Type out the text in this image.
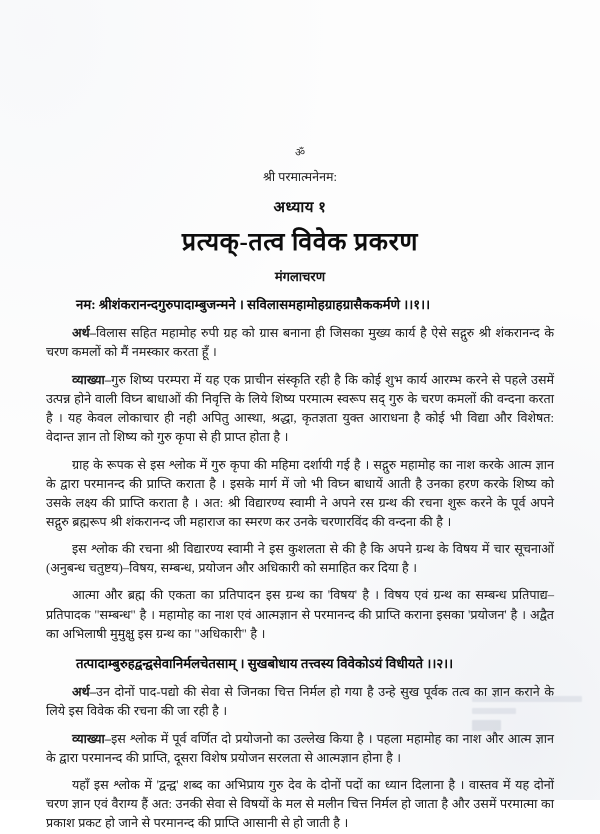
ॐ
श्री परमात्मनेनम:
अध्याय १
प्रत्यक्-तत्व विवेक प्रकरण
मंगलाचरण
नम: श्रीशंकरानन्दगुरुपादाम्बुजन्मने । सविलासमहामोहग्राहग्रासैककर्मणे ।।१।।

अर्थ–विलास सहित महामोह रुपी ग्रह को ग्रास बनाना ही जिसका मुख्य कार्य है ऐसे सद्गुरु श्री शंकरानन्द के चरण कमलों को मैं नमस्कार करता हूँ ।

व्याख्या–गुरु शिष्य परम्परा में यह एक प्राचीन संस्कृति रही है कि कोई शुभ कार्य आरम्भ करने से पहले उसमें उत्पन्न होने वाली विघ्न बाधाओं की निवृत्ति के लिये शिष्य परमात्म स्वरूप सद् गुरु के चरण कमलों की वन्दना करता है । यह केवल लोकाचार ही नही अपितु आस्था, श्रद्धा, कृतज्ञता युक्त आराधना है कोई भी विद्या और विशेषत: वेदान्त ज्ञान तो शिष्य को गुरु कृपा से ही प्राप्त होता है ।

ग्राह के रूपक से इस श्लोक में गुरु कृपा की महिमा दर्शायी गई है । सद्गुरु महामोह का नाश करके आत्म ज्ञान के द्वारा परमानन्द की प्राप्ति कराता है । इसके मार्ग में जो भी विघ्न बाधायें आती है उनका हरण करके शिष्य को उसके लक्ष्य की प्राप्ति कराता है । अत: श्री विद्यारण्य स्वामी ने अपने रस ग्रन्थ की रचना शुरू करने के पूर्व अपने सद्गुरु ब्रह्मरूप श्री शंकरानन्द जी महाराज का स्मरण कर उनके चरणारविंद की वन्दना की है ।

इस श्लोक की रचना श्री विद्यारण्य स्वामी ने इस कुशलता से की है कि अपने ग्रन्थ के विषय में चार सूचनाओं (अनुबन्ध चतुष्टय)–विषय, सम्बन्ध, प्रयोजन और अधिकारी को समाहित कर दिया है ।

आत्मा और ब्रह्म की एकता का प्रतिपादन इस ग्रन्थ का 'विषय' है । विषय एवं ग्रन्थ का सम्बन्ध प्रतिपाद्य–प्रतिपादक "सम्बन्ध" है । महामोह का नाश एवं आत्मज्ञान से परमानन्द की प्राप्ति कराना इसका 'प्रयोजन' है । अद्वैत का अभिलाषी मुमुक्षु इस ग्रन्थ का "अधिकारी" है ।

तत्पादाम्बुरुहद्वन्द्वसेवानिर्मलचेतसाम् । सुखबोधाय तत्त्वस्य विवेकोऽयं विधीयते ।।२।।

अर्थ–उन दोनों पाद-पद्यो की सेवा से जिनका चित्त निर्मल हो गया है उन्हे सुख पूर्वक तत्व का ज्ञान कराने के लिये इस विवेक की रचना की जा रही है ।

व्याख्या–इस श्लोक में पूर्व वर्णित दो प्रयोजनो का उल्लेख किया है । पहला महामोह का नाश और आत्म ज्ञान के द्वारा परमानन्द की प्राप्ति, दूसरा विशेष प्रयोजन सरलता से आत्मज्ञान होना है ।

यहाँ इस श्लोक में 'द्वन्द्व' शब्द का अभिप्राय गुरु देव के दोनों पदों का ध्यान दिलाना है । वास्तव में यह दोनों चरण ज्ञान एवं वैराग्य हैं अत: उनकी सेवा से विषयों के मल से मलीन चित्त निर्मल हो जाता है और उसमें परमात्मा का प्रकाश प्रकट हो जाने से परमानन्द की प्राप्ति आसानी से हो जाती है ।
